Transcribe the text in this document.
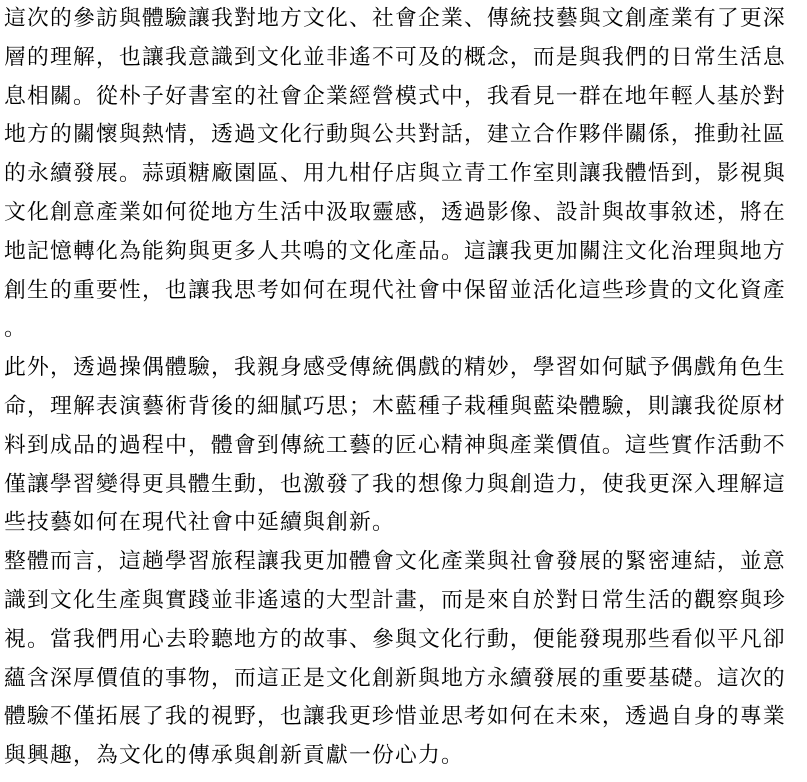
這次的參訪與體驗讓我對地方文化、社會企業、傳統技藝與文創產業有了更深層的理解，也讓我意識到文化並非遙不可及的概念，而是與我們的日常生活息息相關。從朴子好書室的社會企業經營模式中，我看見一群在地年輕人基於對地方的關懷與熱情，透過文化行動與公共對話，建立合作夥伴關係，推動社區的永續發展。蒜頭糖廠園區、用九柑仔店與立青工作室則讓我體悟到，影視與文化創意產業如何從地方生活中汲取靈感，透過影像、設計與故事敘述，將在地記憶轉化為能夠與更多人共鳴的文化產品。這讓我更加關注文化治理與地方創生的重要性，也讓我思考如何在現代社會中保留並活化這些珍貴的文化資產。

此外，透過操偶體驗，我親身感受傳統偶戲的精妙，學習如何賦予偶戲角色生命，理解表演藝術背後的細膩巧思；木藍種子栽種與藍染體驗，則讓我從原材料到成品的過程中，體會到傳統工藝的匠心精神與產業價值。這些實作活動不僅讓學習變得更具體生動，也激發了我的想像力與創造力，使我更深入理解這些技藝如何在現代社會中延續與創新。

整體而言，這趟學習旅程讓我更加體會文化產業與社會發展的緊密連結，並意識到文化生產與實踐並非遙遠的大型計畫，而是來自於對日常生活的觀察與珍視。當我們用心去聆聽地方的故事、參與文化行動，便能發現那些看似平凡卻蘊含深厚價值的事物，而這正是文化創新與地方永續發展的重要基礎。這次的體驗不僅拓展了我的視野，也讓我更珍惜並思考如何在未來，透過自身的專業與興趣，為文化的傳承與創新貢獻一份心力。
